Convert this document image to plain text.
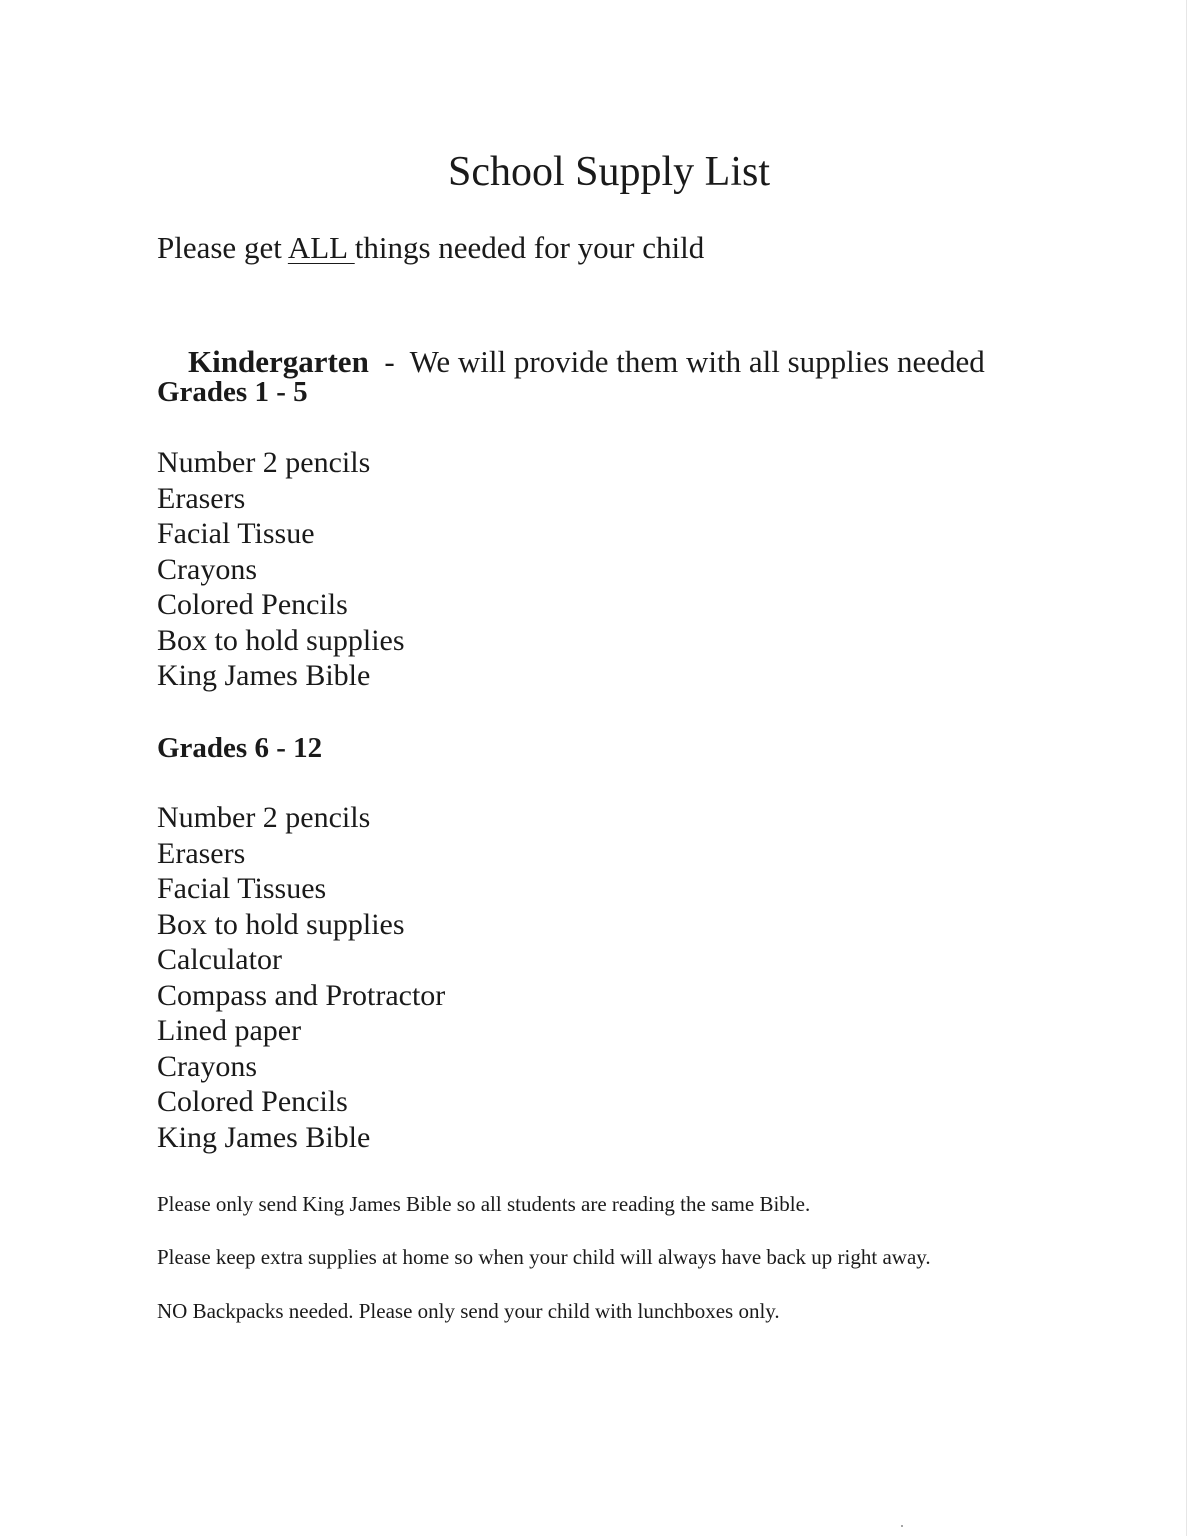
School Supply List
Please get ALL things needed for your child

Kindergarten  -  We will provide them with all supplies needed

Grades 1 - 5
Number 2 pencils
Erasers
Facial Tissue
Crayons
Colored Pencils
Box to hold supplies
King James Bible
Grades 6 - 12
Number 2 pencils
Erasers
Facial Tissues
Box to hold supplies
Calculator
Compass and Protractor
Lined paper
Crayons
Colored Pencils
King James Bible
Please only send King James Bible so all students are reading the same Bible.
Please keep extra supplies at home so when your child will always have back up right away.
NO Backpacks needed. Please only send your child with lunchboxes only.
